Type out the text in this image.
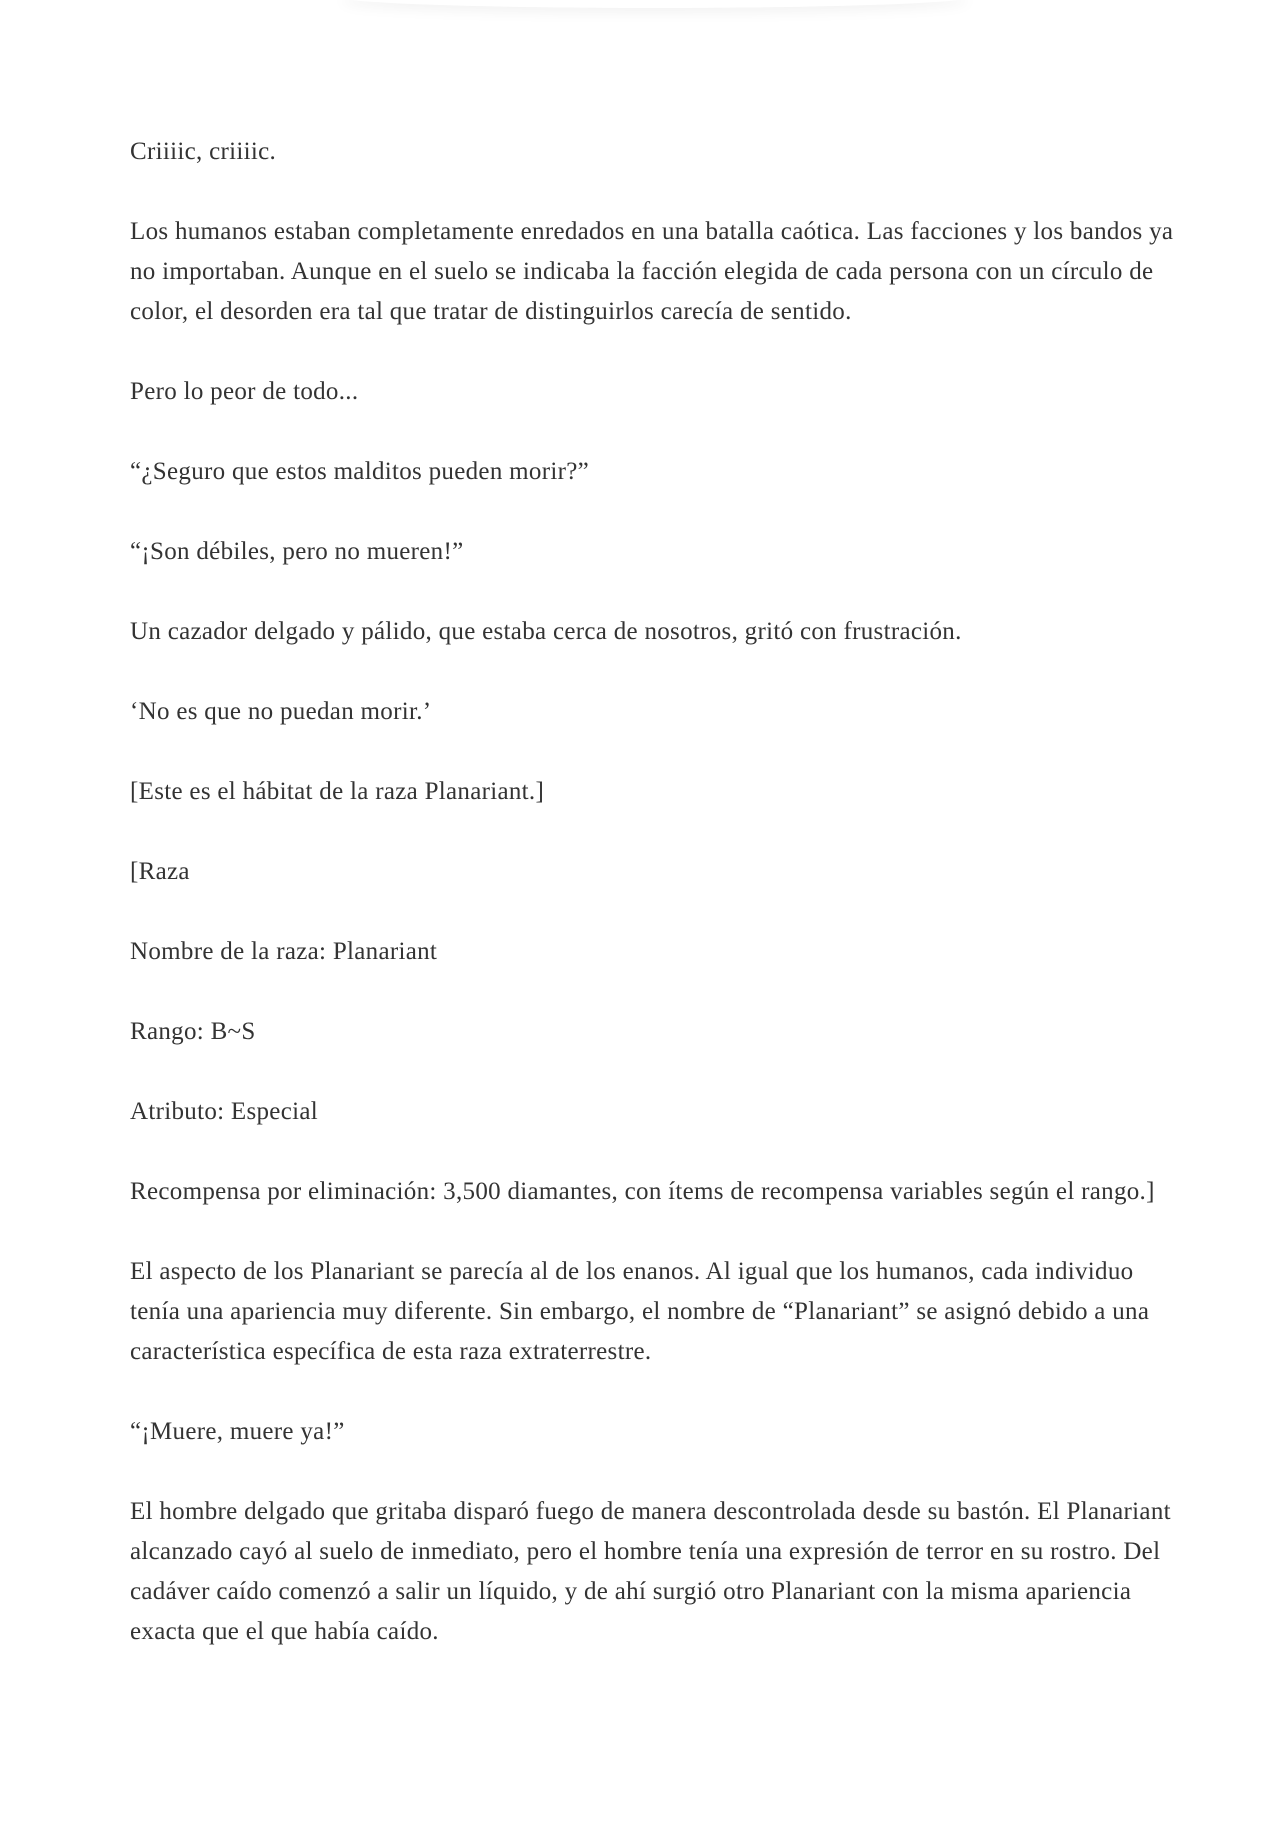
Criiiic, criiiic.

Los humanos estaban completamente enredados en una batalla caótica. Las facciones y los bandos ya no importaban. Aunque en el suelo se indicaba la facción elegida de cada persona con un círculo de color, el desorden era tal que tratar de distinguirlos carecía de sentido.

Pero lo peor de todo...

“¿Seguro que estos malditos pueden morir?”

“¡Son débiles, pero no mueren!”

Un cazador delgado y pálido, que estaba cerca de nosotros, gritó con frustración.

‘No es que no puedan morir.’

[Este es el hábitat de la raza Planariant.]

[Raza

Nombre de la raza: Planariant

Rango: B~S

Atributo: Especial

Recompensa por eliminación: 3,500 diamantes, con ítems de recompensa variables según el rango.]

El aspecto de los Planariant se parecía al de los enanos. Al igual que los humanos, cada individuo tenía una apariencia muy diferente. Sin embargo, el nombre de “Planariant” se asignó debido a una característica específica de esta raza extraterrestre.

“¡Muere, muere ya!”

El hombre delgado que gritaba disparó fuego de manera descontrolada desde su bastón. El Planariant alcanzado cayó al suelo de inmediato, pero el hombre tenía una expresión de terror en su rostro. Del cadáver caído comenzó a salir un líquido, y de ahí surgió otro Planariant con la misma apariencia exacta que el que había caído.
